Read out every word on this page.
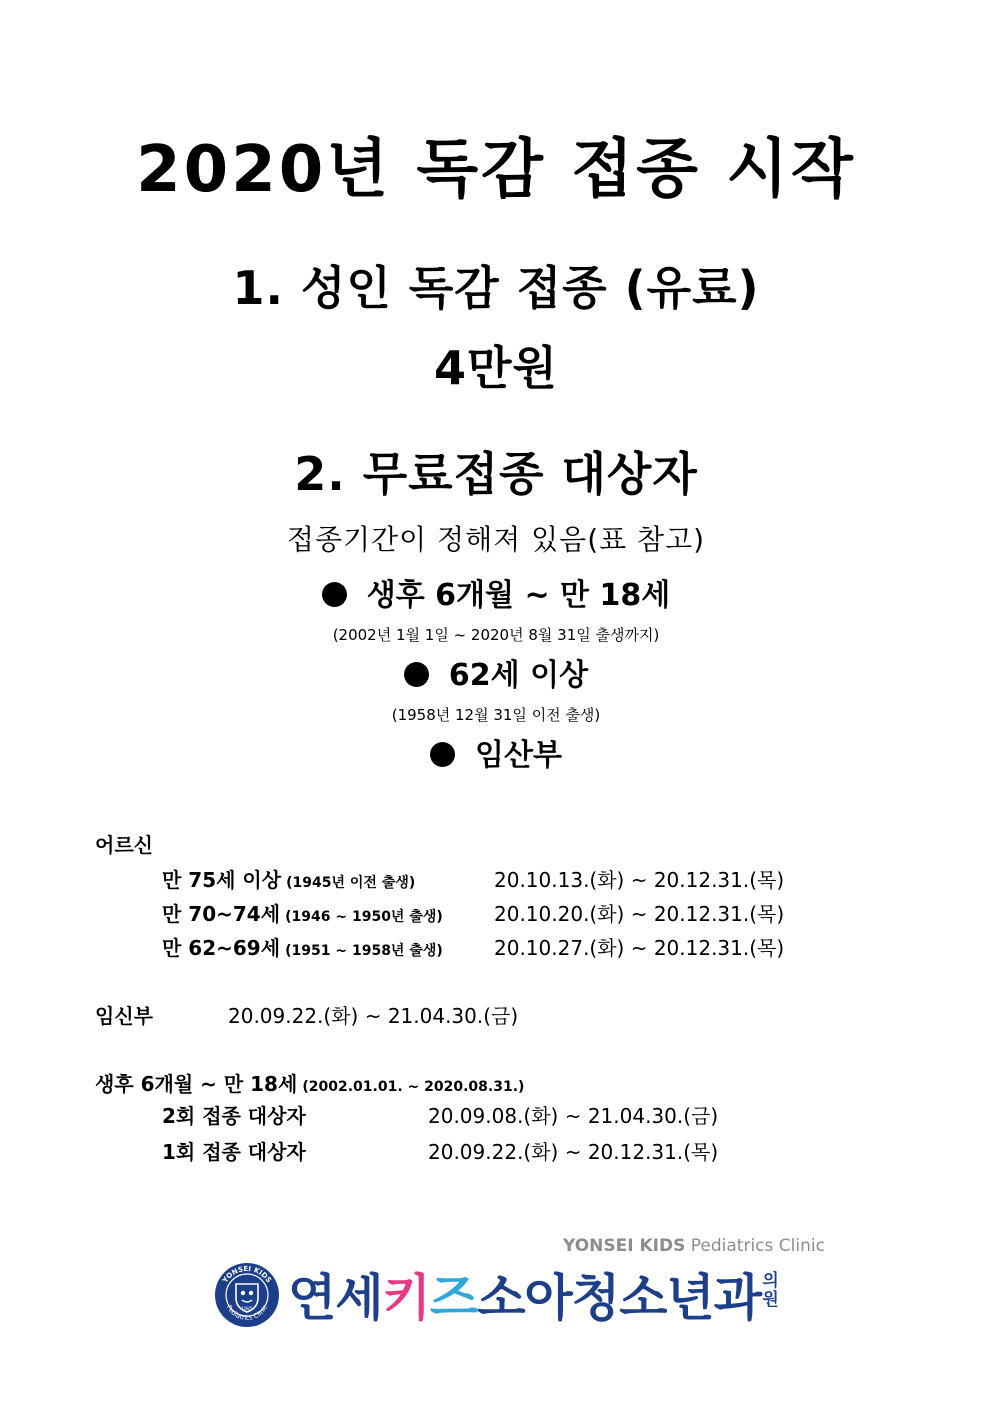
2020년 독감 접종 시작
1. 성인 독감 접종 (유료)
4만원
2. 무료접종 대상자
접종기간이 정해져 있음(표 참고)
생후 6개월 ~ 만 18세
(2002년 1월 1일 ~ 2020년 8월 31일 출생까지)
62세 이상
(1958년 12월 31일 이전 출생)
임산부
어르신
만 75세 이상 (1945년 이전 출생)	20.10.13.(화) ~ 20.12.31.(목)
만 70~74세 (1946 ~ 1950년 출생)	20.10.20.(화) ~ 20.12.31.(목)
만 62~69세 (1951 ~ 1958년 출생)	20.10.27.(화) ~ 20.12.31.(목)
임신부	20.09.22.(화) ~ 21.04.30.(금)
생후 6개월 ~ 만 18세 (2002.01.01. ~ 2020.08.31.)
2회 접종 대상자	20.09.08.(화) ~ 21.04.30.(금)
1회 접종 대상자	20.09.22.(화) ~ 20.12.31.(목)
YONSEI KIDS Pediatrics Clinic
YONSEI KIDS
Pediatrics Clinic
1885 연세키즈소아청소년과의원
